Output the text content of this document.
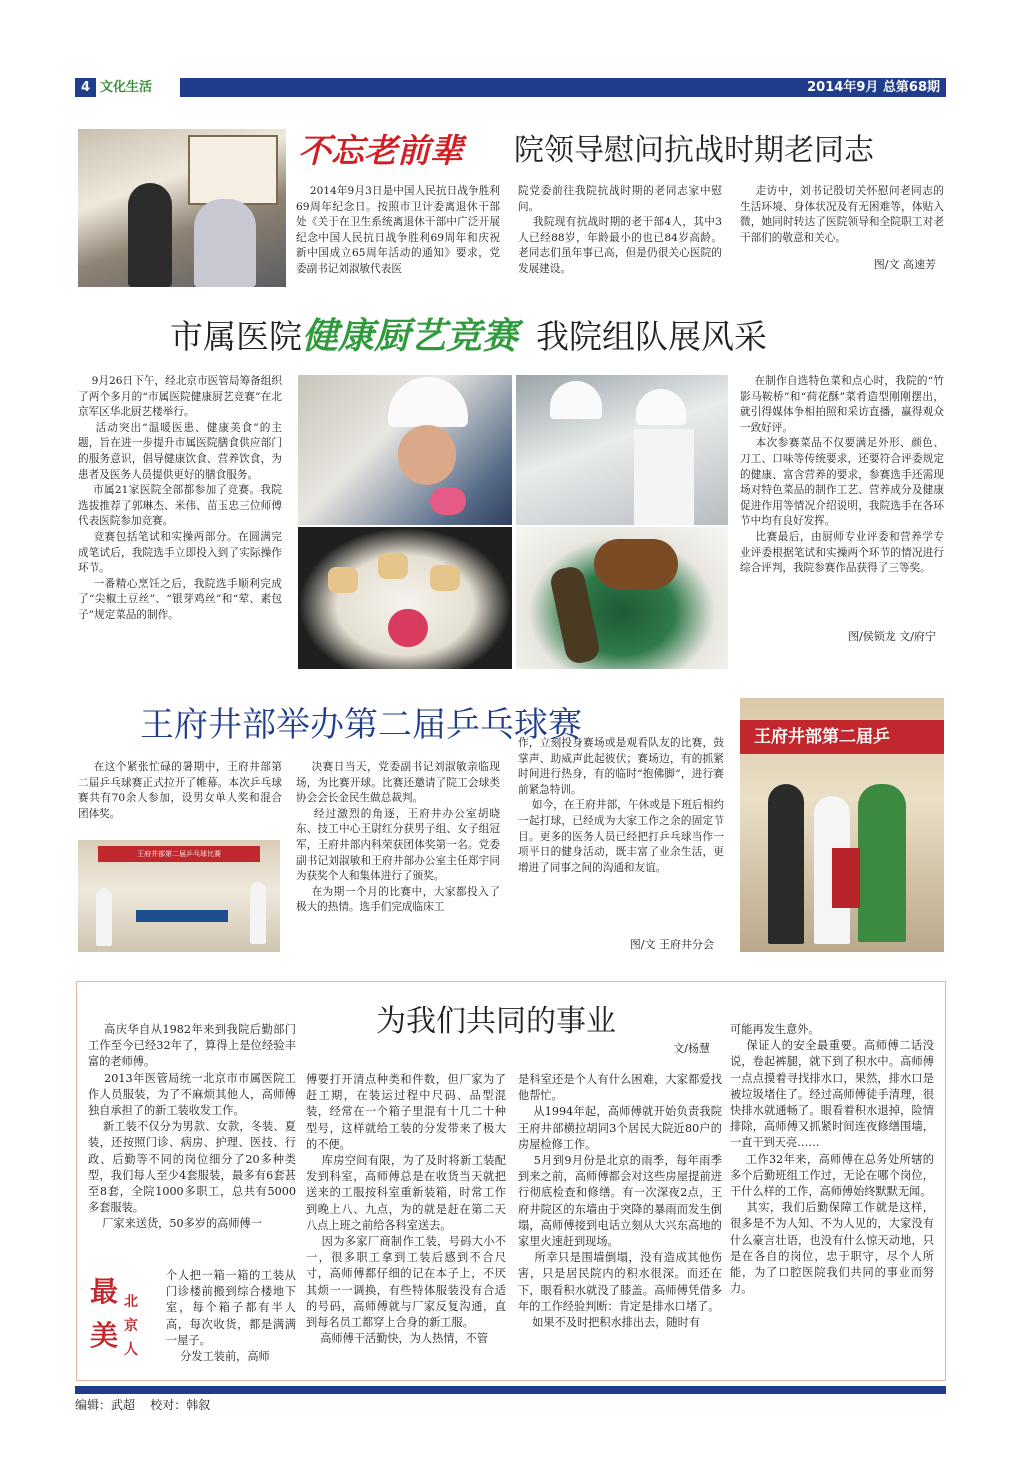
4 文化生活	2014年9月 总第68期
不忘老前辈	院领导慰问抗战时期老同志
2014年9月3日是中国人民抗日战争胜利69周年纪念日。按照市卫计委离退休干部处《关于在卫生系统离退休干部中广泛开展纪念中国人民抗日战争胜利69周年和庆祝新中国成立65周年活动的通知》要求，党委副书记刘淑敏代表医
院党委前往我院抗战时期的老同志家中慰问。
我院现有抗战时期的老干部4人，其中3人已经88岁，年龄最小的也已84岁高龄。老同志们虽年事已高，但是仍很关心医院的发展建设。
走访中，刘书记殷切关怀慰问老同志的生活环境、身体状况及有无困难等，体贴入微，她同时转达了医院领导和全院职工对老干部们的敬意和关心。
图/文 高速芳
市属医院健康厨艺竞赛 我院组队展风采
9月26日下午，经北京市医管局筹备组织了两个多月的“市属医院健康厨艺竞赛”在北京军区华北厨艺楼举行。
活动突出“温暖医患、健康美食”的主题，旨在进一步提升市属医院膳食供应部门的服务意识，倡导健康饮食、营养饮食，为患者及医务人员提供更好的膳食服务。
市属21家医院全部都参加了竞赛。我院选拔推荐了郭琳杰、米伟、苗玉忠三位师傅代表医院参加竞赛。
竞赛包括笔试和实操两部分。在圆满完成笔试后，我院选手立即投入到了实际操作环节。
一番精心烹饪之后，我院选手顺利完成了“尖椒土豆丝”、“银芽鸡丝”和“荤、素包子”规定菜品的制作。
在制作自选特色菜和点心时，我院的“竹影马鞍桥”和“荷花酥”菜肴造型刚刚摆出，就引得媒体争相拍照和采访直播，赢得观众一致好评。
本次参赛菜品不仅要满足外形、颜色、刀工、口味等传统要求，还要符合评委规定的健康、富含营养的要求，参赛选手还需现场对特色菜品的制作工艺、营养成分及健康促进作用等情况介绍说明，我院选手在各环节中均有良好发挥。
比赛最后，由厨师专业评委和营养学专业评委根据笔试和实操两个环节的情况进行综合评判，我院参赛作品获得了三等奖。
图/侯锁龙 文/府宁
王府井部举办第二届乒乓球赛
在这个紧张忙碌的暑期中，王府井部第二届乒乓球赛正式拉开了帷幕。本次乒乓球赛共有70余人参加，设男女单人奖和混合团体奖。
王府井部第二届乒乓球比赛
决赛日当天，党委副书记刘淑敏亲临现场，为比赛开球。比赛还邀请了院工会球类协会会长金民生做总裁判。
经过激烈的角逐，王府井办公室胡晓东、技工中心王尉红分获男子组、女子组冠军，王府井部内科荣获团体奖第一名。党委副书记刘淑敏和王府井部办公室主任郑宇同为获奖个人和集体进行了颁奖。
在为期一个月的比赛中，大家都投入了极大的热情。选手们完成临床工
作，立刻投身赛场或是观看队友的比赛，鼓掌声、助威声此起彼伏；赛场边，有的抓紧时间进行热身，有的临时“抱佛脚”，进行赛前紧急特训。
如今，在王府井部，午休或是下班后相约一起打球，已经成为大家工作之余的固定节目。更多的医务人员已经把打乒乓球当作一项平日的健身活动，既丰富了业余生活，更增进了同事之间的沟通和友谊。
图/文 王府井分会
王府井部第二届乒
为我们共同的事业
文/杨慧
高庆华自从1982年来到我院后勤部门工作至今已经32年了，算得上是位经验丰富的老师傅。
2013年医管局统一北京市市属医院工作人员服装，为了不麻烦其他人，高师傅独自承担了的新工装收发工作。
新工装不仅分为男款、女款，冬装、夏装，还按照门诊、病房、护理、医技、行政、后勤等不同的岗位细分了20多种类型，我们每人至少4套服装，最多有6套甚至8套，全院1000多职工，总共有5000多套服装。
厂家来送货，50多岁的高师傅一
最美
北京人
个人把一箱一箱的工装从门诊楼前搬到综合楼地下室，每个箱子都有半人高，每次收货，都是满满一屋子。
分发工装前，高师
傅要打开清点种类和件数，但厂家为了赶工期，在装运过程中尺码、品型混装，经常在一个箱子里混有十几二十种型号，这样就给工装的分发带来了极大的不便。
库房空间有限，为了及时将新工装配发到科室，高师傅总是在收货当天就把送来的工服按科室重新装箱，时常工作到晚上八、九点，为的就是赶在第二天八点上班之前给各科室送去。
因为多家厂商制作工装，号码大小不一，很多职工拿到工装后感到不合尺寸，高师傅都仔细的记在本子上，不厌其烦一一调换，有些特体服装没有合适的号码，高师傅就与厂家反复沟通，直到每名员工都穿上合身的新工服。
高师傅干活勤快，为人热情，不管
是科室还是个人有什么困难，大家都爱找他帮忙。
从1994年起，高师傅就开始负责我院王府井部横拉胡同3个居民大院近80户的房屋检修工作。
5月到9月份是北京的雨季，每年雨季到来之前，高师傅都会对这些房屋提前进行彻底检查和修缮。有一次深夜2点，王府井院区的东墙由于突降的暴雨而发生倒塌，高师傅接到电话立刻从大兴东高地的家里火速赶到现场。
所幸只是围墙倒塌，没有造成其他伤害，只是居民院内的积水很深。而还在下，眼看积水就没了膝盖。高师傅凭借多年的工作经验判断：肯定是排水口堵了。
如果不及时把积水排出去，随时有
可能再发生意外。
保证人的安全最重要。高师傅二话没说，卷起裤腿，就下到了积水中。高师傅一点点摸着寻找排水口，果然，排水口是被垃圾堵住了。经过高师傅徒手清理，很快排水就通畅了。眼看着积水退掉，险情排除，高师傅又抓紧时间连夜修缮围墙，一直干到天亮……
工作32年来，高师傅在总务处所辖的多个后勤班组工作过，无论在哪个岗位，干什么样的工作，高师傅始终默默无闻。
其实，我们后勤保障工作就是这样，很多是不为人知、不为人见的，大家没有什么豪言壮语，也没有什么惊天动地，只是在各自的岗位，忠于职守，尽个人所能，为了口腔医院我们共同的事业而努力。
编辑：武超    校对：韩叙
